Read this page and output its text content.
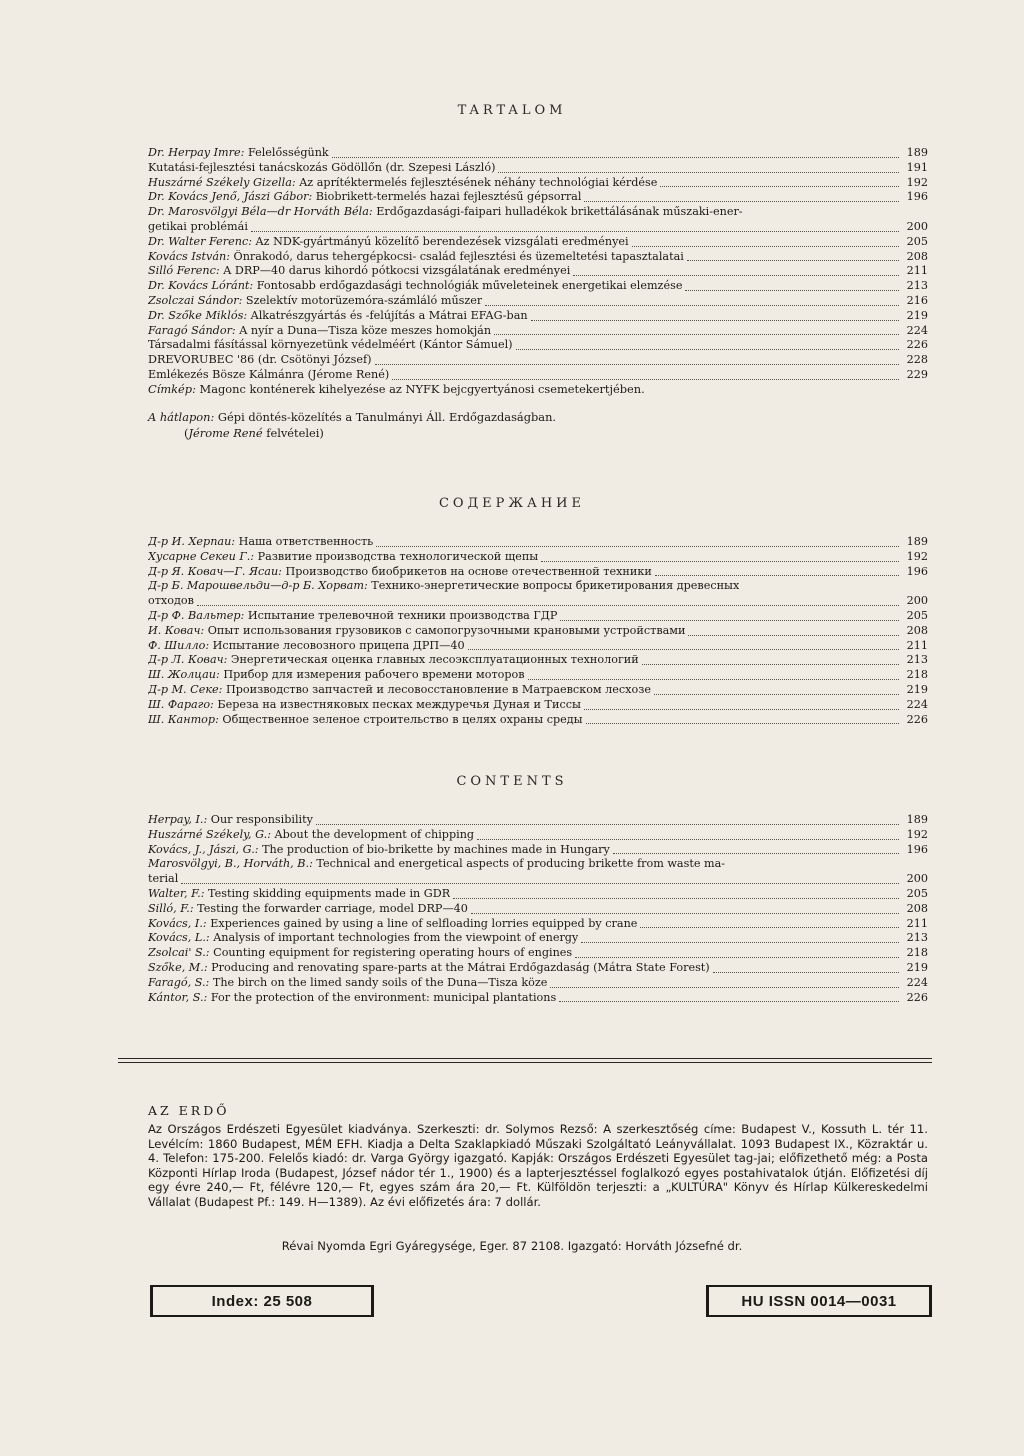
TARTALOM
Dr. Herpay Imre: Felelősségünk	189
Kutatási-fejlesztési tanácskozás Gödöllőn (dr. Szepesi László)	191
Huszárné Székely Gizella: Az aprítéktermelés fejlesztésének néhány technológiai kérdése	192
Dr. Kovács Jenő, Jászi Gábor: Biobrikett-termelés hazai fejlesztésű gépsorral	196
Dr. Marosvölgyi Béla—dr Horváth Béla: Erdőgazdasági-faipari hulladékok brikettálásának műszaki-ener-
getikai problémái	200
Dr. Walter Ferenc: Az NDK-gyártmányú közelítő berendezések vizsgálati eredményei	205
Kovács István: Önrakodó, darus tehergépkocsi- család fejlesztési és üzemeltetési tapasztalatai	208
Silló Ferenc: A DRP—40 darus kihordó pótkocsi vizsgálatának eredményei	211
Dr. Kovács Lóránt: Fontosabb erdőgazdasági technológiák műveleteinek energetikai elemzése	213
Zsolczai Sándor: Szelektív motorüzemóra-számláló műszer	216
Dr. Szőke Miklós: Alkatrészgyártás és -felújítás a Mátrai EFAG-ban	219
Faragó Sándor: A nyír a Duna—Tisza köze meszes homokján	224
Társadalmi fásítással környezetünk védelméért (Kántor Sámuel)	226
DREVORUBEC '86 (dr. Csötönyi József)	228
Emlékezés Bösze Kálmánra (Jérome René)	229
Címkép: Magonc konténerek kihelyezése az NYFK bejcgyertyánosi csemetekertjében.
A hátlapon: Gépi döntés-közelítés a Tanulmányi Áll. Erdőgazdaságban.
(Jérome René felvételei)
СОДЕРЖАНИЕ
Д-р И. Херпаи: Наша ответственность	189
Хусарне Секеи Г.: Развитие производства технологической щепы	192
Д-р Я. Ковач—Г. Ясаи: Производство биобрикетов на основе отечественной техники	196
Д-р Б. Марошвельди—д-р Б. Хорват: Технико-энергетические вопросы брикетирования древесных
отходов	200
Д-р Ф. Вальтер: Испытание трелевочной техники производства ГДР	205
И. Ковач: Опыт использования грузовиков с самопогрузочными крановыми устройствами	208
Ф. Шилло: Испытание лесовозного прицепа ДРП—40	211
Д-р Л. Ковач: Энергетическая оценка главных лесоэксплуатационных технологий	213
Ш. Жолцаи: Прибор для измерения рабочего времени моторов	218
Д-р М. Секе: Производство запчастей и лесовосстановление в Матраевском лесхозе	219
Ш. Фараго: Береза на известняковых песках междуречья Дуная и Тиссы	224
Ш. Кантор: Общественное зеленое строительство в целях охраны среды	226
CONTENTS
Herpay, I.: Our responsibility	189
Huszárné Székely, G.: About the development of chipping	192
Kovács, J., Jászi, G.: The production of bio-brikette by machines made in Hungary	196
Marosvölgyi, B., Horváth, B.: Technical and energetical aspects of producing brikette from waste ma-
terial	200
Walter, F.: Testing skidding equipments made in GDR	205
Silló, F.: Testing the forwarder carriage, model DRP—40	208
Kovács, I.: Experiences gained by using a line of selfloading lorries equipped by crane	211
Kovács, L.: Analysis of important technologies from the viewpoint of energy	213
Zsolcai' S.: Counting equipment for registering operating hours of engines	218
Szőke, M.: Producing and renovating spare-parts at the Mátrai Erdőgazdaság (Mátra State Forest)	219
Faragó, S.: The birch on the limed sandy soils of the Duna—Tisza köze	224
Kántor, S.: For the protection of the environment: municipal plantations	226
AZ ERDŐ
Az Országos Erdészeti Egyesület kiadványa. Szerkeszti: dr. Solymos Rezső: A szerkesztőség címe: Budapest V., Kossuth L. tér 11. Levélcím: 1860 Budapest, MÉM EFH. Kiadja a Delta Szaklapkiadó Műszaki Szolgáltató Leányvállalat. 1093 Budapest IX., Közraktár u. 4. Telefon: 175-200. Felelős kiadó: dr. Varga György igazgató. Kapják: Országos Erdészeti Egyesület tag-jai; előfizethető még: a Posta Központi Hírlap Iroda (Budapest, József nádor tér 1., 1900) és a lapterjesztéssel foglalkozó egyes postahivatalok útján. Előfizetési díj egy évre 240,— Ft, félévre 120,— Ft, egyes szám ára 20,— Ft. Külföldön terjeszti: a „KULTÚRA" Könyv és Hírlap Külkereskedelmi Vállalat (Budapest Pf.: 149. H—1389). Az évi előfizetés ára: 7 dollár.
Révai Nyomda Egri Gyáregysége, Eger. 87 2108. Igazgató: Horváth Józsefné dr.
Index: 25 508	HU ISSN 0014—0031
